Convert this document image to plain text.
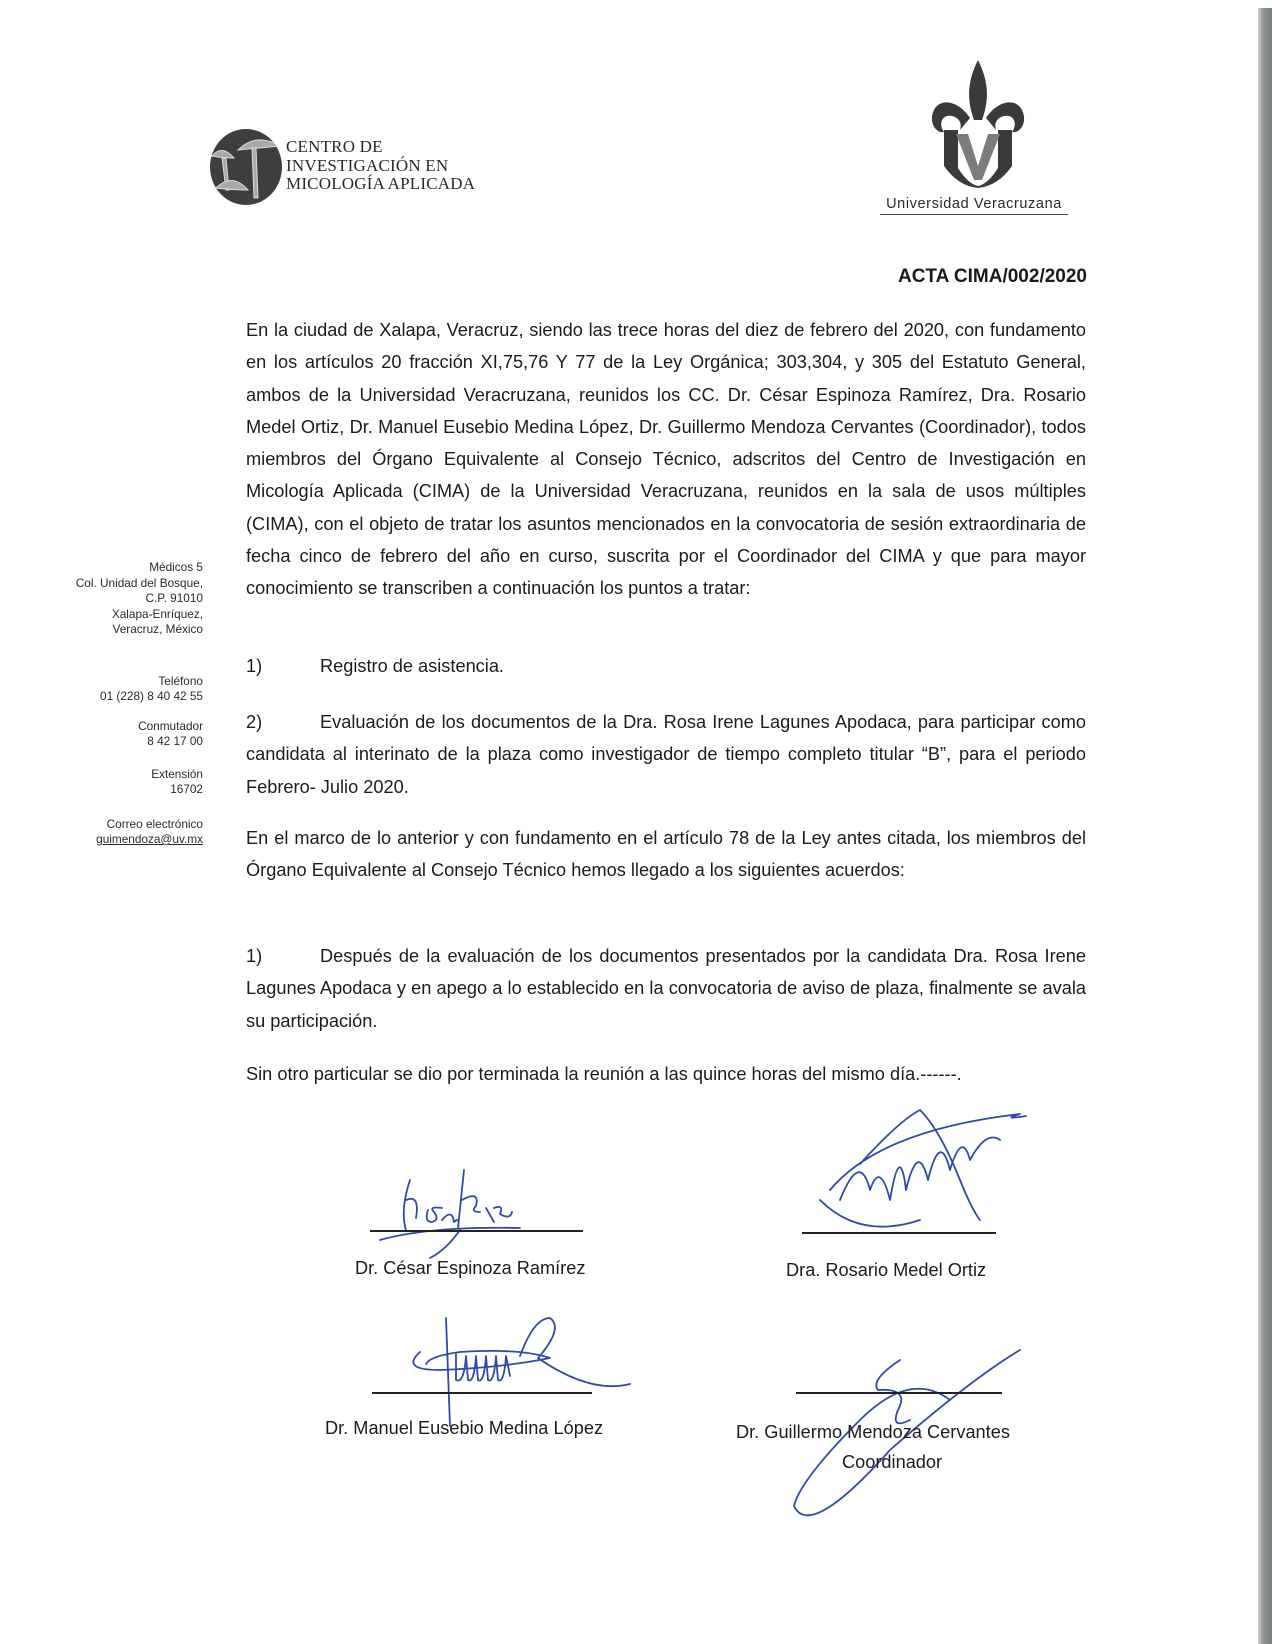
CENTRO DE
INVESTIGACIÓN EN
MICOLOGÍA APLICADA
Universidad Veracruzana
ACTA CIMA/002/2020
Médicos 5
Col. Unidad del Bosque,
C.P. 91010
Xalapa-Enríquez,
Veracruz, México
Teléfono
01 (228) 8 40 42 55
Conmutador
8 42 17 00
Extensión
16702
Correo electrónico
guimendoza@uv.mx

En la ciudad de Xalapa, Veracruz, siendo las trece horas del diez de febrero del 2020, con fundamento en los artículos 20 fracción XI,75,76 Y 77 de la Ley Orgánica; 303,304, y 305 del Estatuto General, ambos de la Universidad Veracruzana, reunidos los CC. Dr. César Espinoza Ramírez, Dra. Rosario Medel Ortiz, Dr. Manuel Eusebio Medina López, Dr. Guillermo Mendoza Cervantes (Coordinador), todos miembros del Órgano Equivalente al Consejo Técnico, adscritos del Centro de Investigación en Micología Aplicada (CIMA) de la Universidad Veracruzana, reunidos en la sala de usos múltiples (CIMA), con el objeto de tratar los asuntos mencionados en la convocatoria de sesión extraordinaria de fecha cinco de febrero del año en curso, suscrita por el Coordinador del CIMA y que para mayor conocimiento se transcriben a continuación los puntos a tratar:

1)	Registro de asistencia.

2)	Evaluación de los documentos de la Dra. Rosa Irene Lagunes Apodaca, para participar como candidata al interinato de la plaza como investigador de tiempo completo titular “B”, para el periodo Febrero- Julio 2020.

En el marco de lo anterior y con fundamento en el artículo 78 de la Ley antes citada, los miembros del Órgano Equivalente al Consejo Técnico hemos llegado a los siguientes acuerdos:

1)	Después de la evaluación de los documentos presentados por la candidata Dra. Rosa Irene Lagunes Apodaca y en apego a lo establecido en la convocatoria de aviso de plaza, finalmente se avala su participación.

Sin otro particular se dio por terminada la reunión a las quince horas del mismo día.------.

Dr. César Espinoza Ramírez	Dra. Rosario Medel Ortiz
Dr. Manuel Eusebio Medina López	Dr. Guillermo Mendoza Cervantes
Coordinador
